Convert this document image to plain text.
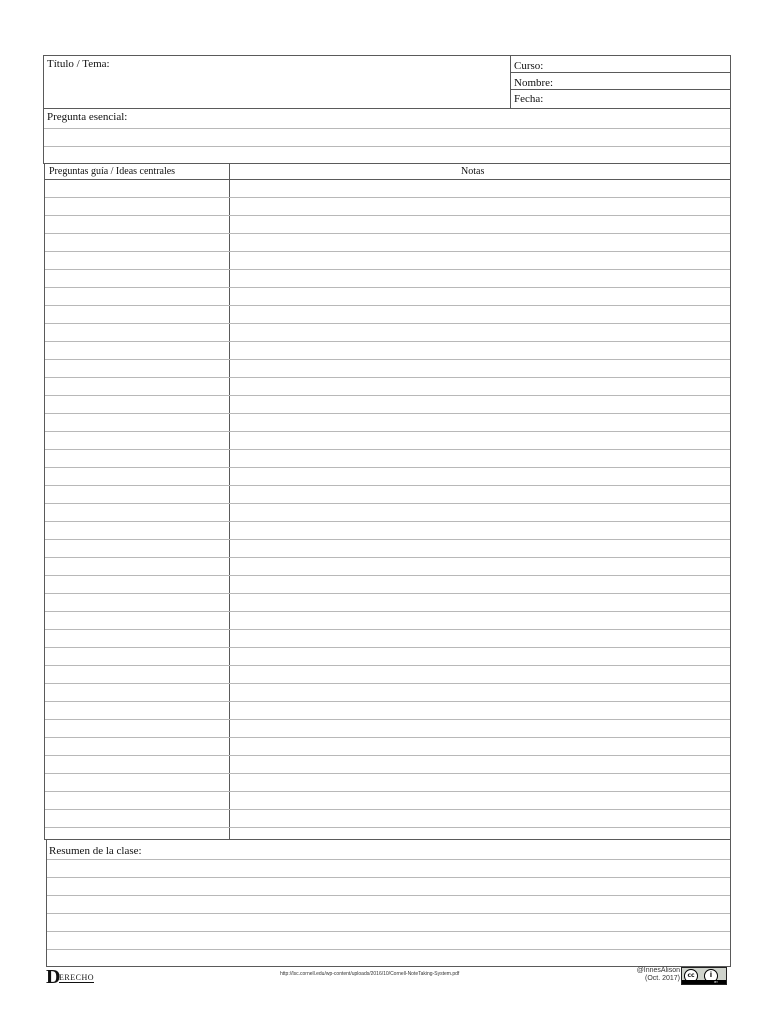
Título / Tema:	Curso:
Nombre:
Fecha:
Pregunta esencial:
Preguntas guía / Ideas centrales	Notas
Resumen de la clase:
D
ERECHO	http://lsc.cornell.edu/wp-content/uploads/2016/10/Cornell-NoteTaking-System.pdf	@InnesAlison
(Oct. 2017)	cc	i
BY
